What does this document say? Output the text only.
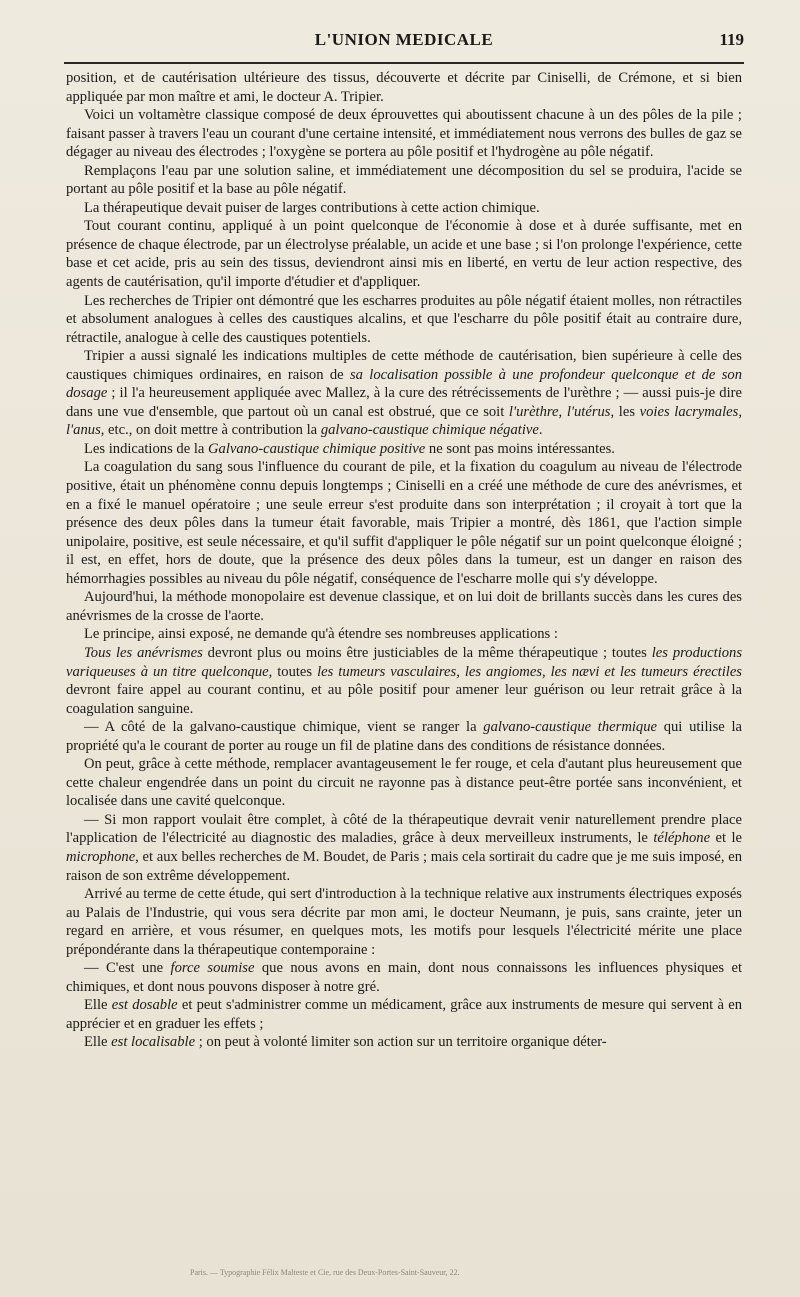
L'UNION MEDICALE	119

position, et de cautérisation ultérieure des tissus, découverte et décrite par Ciniselli, de Crémone, et si bien appliquée par mon maître et ami, le docteur A. Tripier.

Voici un voltamètre classique composé de deux éprouvettes qui aboutissent chacune à un des pôles de la pile ; faisant passer à travers l'eau un courant d'une certaine intensité, et immédiatement nous verrons des bulles de gaz se dégager au niveau des électrodes ; l'oxygène se portera au pôle positif et l'hydrogène au pôle négatif.

Remplaçons l'eau par une solution saline, et immédiatement une décomposition du sel se produira, l'acide se portant au pôle positif et la base au pôle négatif.

La thérapeutique devait puiser de larges contributions à cette action chimique.

Tout courant continu, appliqué à un point quelconque de l'économie à dose et à durée suffisante, met en présence de chaque électrode, par un électrolyse préalable, un acide et une base ; si l'on prolonge l'expérience, cette base et cet acide, pris au sein des tissus, deviendront ainsi mis en liberté, en vertu de leur action respective, des agents de cautérisation, qu'il importe d'étudier et d'appliquer.

Les recherches de Tripier ont démontré que les escharres produites au pôle négatif étaient molles, non rétractiles et absolument analogues à celles des caustiques alcalins, et que l'escharre du pôle positif était au contraire dure, rétractile, analogue à celle des caustiques potentiels.

Tripier a aussi signalé les indications multiples de cette méthode de cautérisation, bien supérieure à celle des caustiques chimiques ordinaires, en raison de sa localisation possible à une profondeur quelconque et de son dosage ; il l'a heureusement appliquée avec Mallez, à la cure des rétrécissements de l'urèthre ; — aussi puis-je dire dans une vue d'ensemble, que partout où un canal est obstrué, que ce soit l'urèthre, l'utérus, les voies lacrymales, l'anus, etc., on doit mettre à contribution la galvano-caustique chimique négative.

Les indications de la Galvano-caustique chimique positive ne sont pas moins intéressantes.

La coagulation du sang sous l'influence du courant de pile, et la fixation du coagulum au niveau de l'électrode positive, était un phénomène connu depuis longtemps ; Ciniselli en a créé une méthode de cure des anévrismes, et en a fixé le manuel opératoire ; une seule erreur s'est produite dans son interprétation ; il croyait à tort que la présence des deux pôles dans la tumeur était favorable, mais Tripier a montré, dès 1861, que l'action simple unipolaire, positive, est seule nécessaire, et qu'il suffit d'appliquer le pôle négatif sur un point quelconque éloigné ; il est, en effet, hors de doute, que la présence des deux pôles dans la tumeur, est un danger en raison des hémorrhagies possibles au niveau du pôle négatif, conséquence de l'escharre molle qui s'y développe.

Aujourd'hui, la méthode monopolaire est devenue classique, et on lui doit de brillants succès dans les cures des anévrismes de la crosse de l'aorte.

Le principe, ainsi exposé, ne demande qu'à étendre ses nombreuses applications :

Tous les anévrismes devront plus ou moins être justiciables de la même thérapeutique ; toutes les productions variqueuses à un titre quelconque, toutes les tumeurs vasculaires, les angiomes, les nævi et les tumeurs érectiles devront faire appel au courant continu, et au pôle positif pour amener leur guérison ou leur retrait grâce à la coagulation sanguine.

— A côté de la galvano-caustique chimique, vient se ranger la galvano-caustique thermique qui utilise la propriété qu'a le courant de porter au rouge un fil de platine dans des conditions de résistance données.

On peut, grâce à cette méthode, remplacer avantageusement le fer rouge, et cela d'autant plus heureusement que cette chaleur engendrée dans un point du circuit ne rayonne pas à distance peut-être portée sans inconvénient, et localisée dans une cavité quelconque.

— Si mon rapport voulait être complet, à côté de la thérapeutique devrait venir naturellement prendre place l'application de l'électricité au diagnostic des maladies, grâce à deux merveilleux instruments, le téléphone et le microphone, et aux belles recherches de M. Boudet, de Paris ; mais cela sortirait du cadre que je me suis imposé, en raison de son extrême développement.

Arrivé au terme de cette étude, qui sert d'introduction à la technique relative aux instruments électriques exposés au Palais de l'Industrie, qui vous sera décrite par mon ami, le docteur Neumann, je puis, sans crainte, jeter un regard en arrière, et vous résumer, en quelques mots, les motifs pour lesquels l'électricité mérite une place prépondérante dans la thérapeutique contemporaine :

— C'est une force soumise que nous avons en main, dont nous connaissons les influences physiques et chimiques, et dont nous pouvons disposer à notre gré.

Elle est dosable et peut s'administrer comme un médicament, grâce aux instruments de mesure qui servent à en apprécier et en graduer les effets ;

Elle est localisable ; on peut à volonté limiter son action sur un territoire organique déter-

Paris. — Typographie Félix Malteste et Cie, rue des Deux-Portes-Saint-Sauveur, 22.
